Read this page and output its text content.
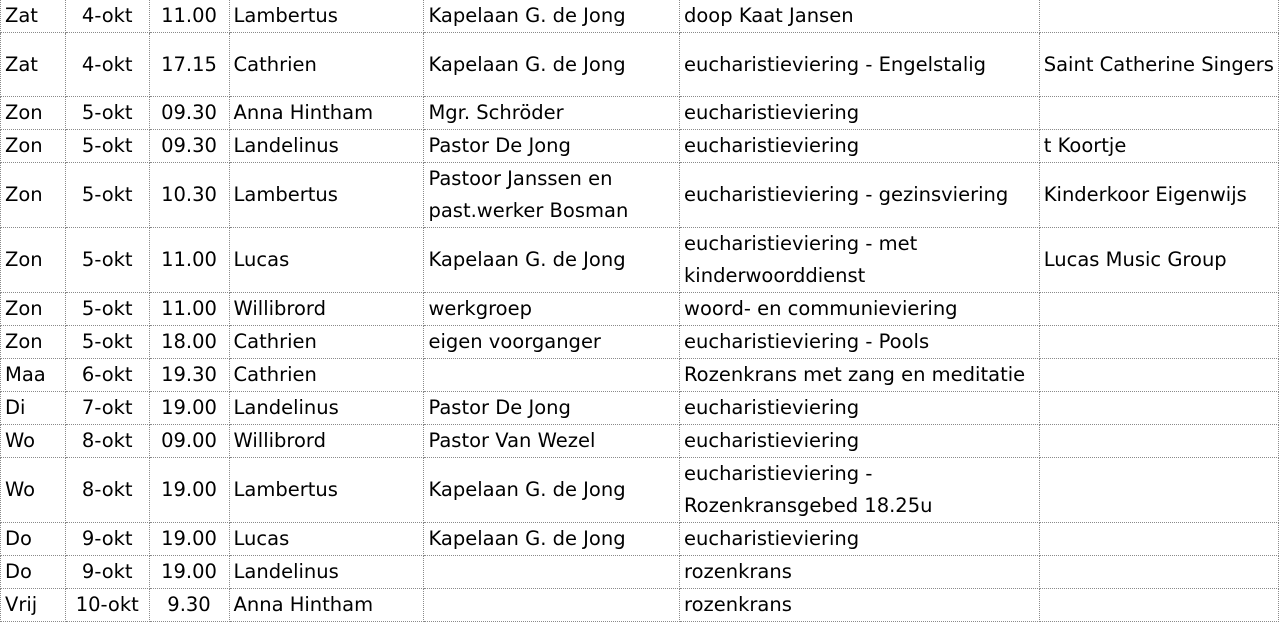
Zat	4-okt	11.00	Lambertus	Kapelaan G. de Jong	doop Kaat Jansen	
Zat	4-okt	17.15	Cathrien	Kapelaan G. de Jong	eucharistieviering - Engelstalig	Saint Catherine Singers
Zon	5-okt	09.30	Anna Hintham	Mgr. Schröder	eucharistieviering	
Zon	5-okt	09.30	Landelinus	Pastor De Jong	eucharistieviering	t Koortje
Zon	5-okt	10.30	Lambertus	Pastoor Janssen en past.werker Bosman	eucharistieviering - gezinsviering	Kinderkoor Eigenwijs
Zon	5-okt	11.00	Lucas	Kapelaan G. de Jong	eucharistieviering - met kinderwoorddienst	Lucas Music Group
Zon	5-okt	11.00	Willibrord	werkgroep	woord- en communieviering	
Zon	5-okt	18.00	Cathrien	eigen voorganger	eucharistieviering - Pools	
Maa	6-okt	19.30	Cathrien		Rozenkrans met zang en meditatie	
Di	7-okt	19.00	Landelinus	Pastor De Jong	eucharistieviering	
Wo	8-okt	09.00	Willibrord	Pastor Van Wezel	eucharistieviering	
Wo	8-okt	19.00	Lambertus	Kapelaan G. de Jong	eucharistieviering - Rozenkransgebed 18.25u	
Do	9-okt	19.00	Lucas	Kapelaan G. de Jong	eucharistieviering	
Do	9-okt	19.00	Landelinus		rozenkrans	
Vrij	10-okt	9.30	Anna Hintham		rozenkrans	
